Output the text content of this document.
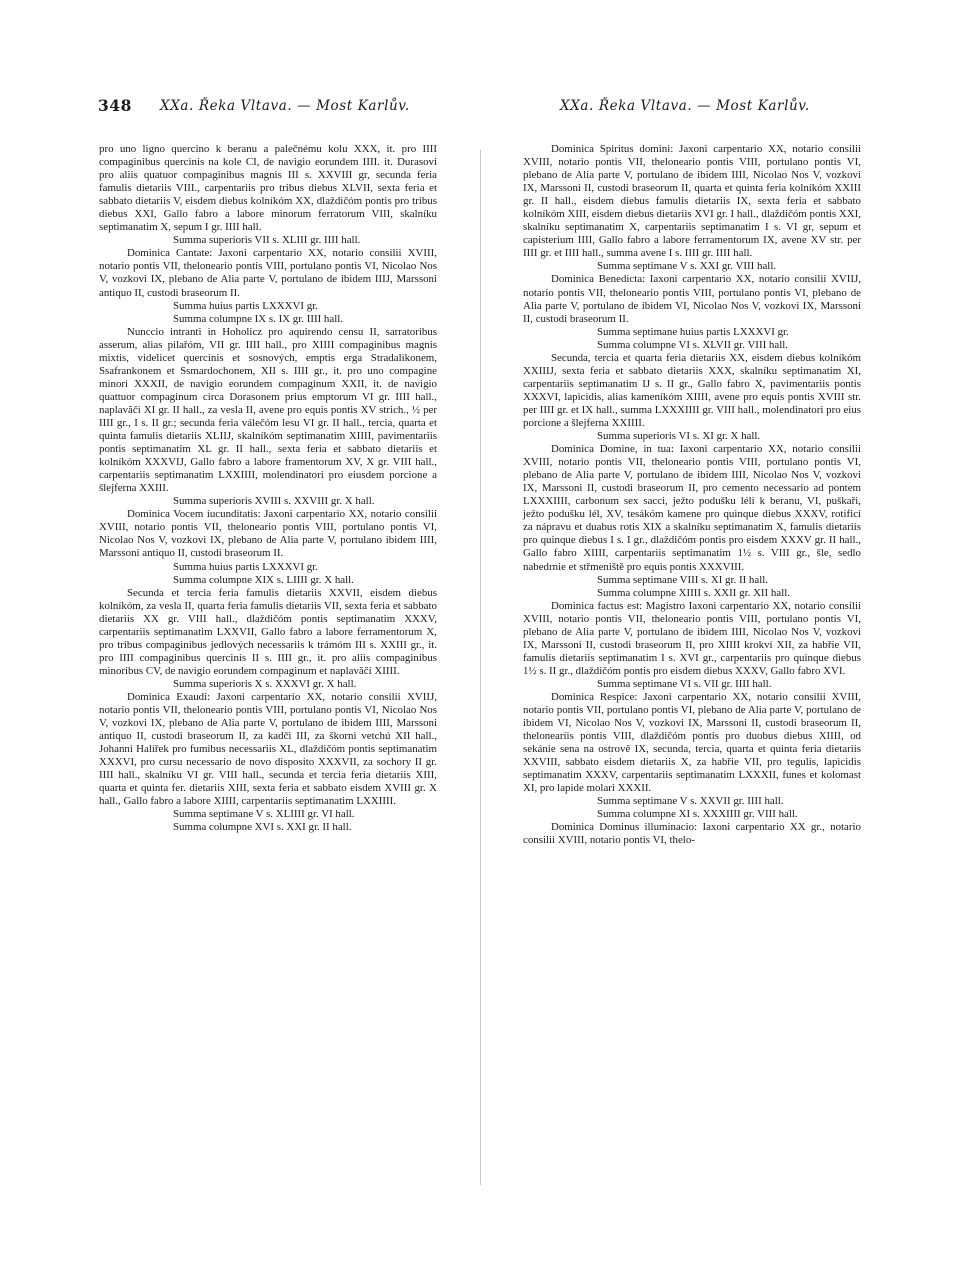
348 XXa. Řeka Vltava. — Most Karlův.	XXa. Řeka Vltava. — Most Karlův.

pro uno ligno quercino k beranu a palečnému kolu XXX, it. pro IIII compaginibus quercinis na kole CI, de navigio eorundem IIII. it. Durasovi pro aliis quatuor compaginibus magnis III s. XXVIII gr, secunda feria famulis dietariis VIII., carpentariis pro tribus diebus XLVII, sexta feria et sabbato dietariis V, eisdem diebus kolníkóm XX, dlaždičóm pontis pro tribus diebus XXI, Gallo fabro a labore minorum ferratorum VIII, skalníku septimanatim X, sepum I gr. IIII hall.

Summa superioris VII s. XLIII gr. IIII hall.

Dominica Cantate: Jaxoni carpentario XX, notario consilii XVIII, notario pontis VII, theloneario pontis VIII, portulano pontis VI, Nicolao Nos V, vozkovi IX, plebano de Alia parte V, portulano de ibidem IIIJ, Marssoni antiquo II, custodi braseorum II.

Summa huius partis LXXXVI gr.

Summa columpne IX s. IX gr. IIII hall.

Nunccio intranti in Hoholicz pro aquirendo censu II, sarratoribus asserum, alias pilařóm, VII gr. IIII hall., pro XIIII compaginibus magnis mixtis, videlicet quercinis et sosnových, emptis erga Stradalikonem, Ssafrankonem et Ssmardochonem, XII s. IIII gr., it. pro uno compagine minori XXXII, de navigio eorundem compaginum XXII, it. de navigio quattuor compaginum circa Dorasonem prius emptorum VI gr. IIII hall., naplavăči XI gr. II hall., za vesla II, avene pro equis pontis XV strich., ½ per IIII gr., I s. II gr.; secunda feria válečóm lesu VI gr. II hall., tercia, quarta et quinta famulis dietariis XLIIJ, skalníkóm septimanatim XIIII, pavimentariis pontis septimanatim XL gr. II hall., sexta feria et sabbato dietariis et kolníkóm XXXVIJ, Gallo fabro a labore framentorum XV, X gr. VIII hall., carpentariis septimanatim LXXIIII, molendinatori pro eiusdem porcione a šlejferna XXIII.

Summa superioris XVIII s. XXVIII gr. X hall.

Dominica Vocem iucunditatis: Jaxoni carpentario XX, notario consilii XVIII, notario pontis VII, theloneario pontis VIII, portulano pontis VI, Nicolao Nos V, vozkovi IX, plebano de Alia parte V, portulano ibidem IIII, Marssoni antiquo II, custodi braseorum II.

Summa huius partis LXXXVI gr.

Summa columpne XIX s. LIIII gr. X hall.

Secunda et tercia feria famulis dietariis XXVII, eisdem diebus kolníkóm, za vesla II, quarta feria famulis dietariis VII, sexta feria et sabbato dietariis XX gr. VIII hall., dlaždičóm pontis septimanatim XXXV, carpentariis septimanatim LXXVII, Gallo fabro a labore ferramentorum X, pro tribus compaginibus jedlových necessariis k trámóm III s. XXIII gr., it. pro IIII compaginibus quercinis II s. IIII gr., it. pro aliis compaginibus minoribus CV, de navigio eorundem compaginum et naplavăči XIIII.

Summa superioris X s. XXXVI gr. X hall.

Dominica Exaudi: Jaxoni carpentario XX, notario consilii XVIIJ, notario pontis VII, theloneario pontis VIII, portulano pontis VI, Nicolao Nos V, vozkovi IX, plebano de Alia parte V, portulano de ibidem IIII, Marssoni antiquo II, custodi braseorum II, za kadči III, za škorni vetchú XII hall., Johanni Halířek pro fumibus necessariis XL, dlaždičóm pontis septimanatim XXXVI, pro cursu necessario de novo disposito XXXVII, za sochory II gr. IIII hall., skalníku VI gr. VIII hall., secunda et tercia feria dietariis XIII, quarta et quinta fer. dietariis XIII, sexta feria et sabbato eisdem XVIII gr. X hall., Gallo fabro a labore XIIII, carpentariis septimanatim LXXIIII.

Summa septimane V s. XLIIII gr. VI hall.

Summa columpne XVI s. XXI gr. II hall.

Dominica Spiritus domini: Jaxoni carpentario XX, notario consilii XVIII, notario pontis VII, theloneario pontis VIII, portulano pontis VI, plebano de Alia parte V, portulano de ibidem IIII, Nicolao Nos V, vozkovi IX, Marssoni II, custodi braseorum II, quarta et quinta feria kolníkóm XXIII gr. II hall., eisdem diebus famulis dietariis IX, sexta feria et sabbato kolníkóm XIII, eisdem diebus dietariis XVI gr. I hall., dlaždičóm pontis XXI, skalníku septimanatim X, carpentariis septimanatim I s. VI gr, sepum et capisterium IIII, Gallo fabro a labore ferramentorum IX, avene XV str. per IIII gr. et IIII hall., summa avene I s. IIII gr. IIII hall.

Summa septimane V s. XXI gr. VIII hall.

Dominica Benedicta: Iaxoni carpentario XX, notario consilii XVIIJ, notario pontis VII, theloneario pontis VIII, portulano pontis VI, plebano de Alia parte V, portulano de ibidem VI, Nicolao Nos V, vozkovi IX, Marssoni II, custodi braseorum II.

Summa septimane huius partis LXXXVI gr.

Summa columpne VI s. XLVII gr. VIII hall.

Secunda, tercia et quarta feria dietariis XX, eisdem diebus kolníkóm XXIIIJ, sexta feria et sabbato dietariis XXX, skalníku septimanatim XI, carpentariis septimanatim IJ s. II gr., Gallo fabro X, pavimentariis pontis XXXVI, lapicidis, alias kameníkóm XIIII, avene pro equis pontis XVIII str. per IIII gr. et IX hall., summa LXXXIIII gr. VIII hall., molendinatori pro eius porcione a šlejferna XXIIII.

Summa superioris VI s. XI gr. X hall.

Dominica Domine, in tua: Iaxoni carpentario XX, notario consilii XVIII, notario pontis VII, theloneario pontis VIII, portulano pontis VI, plebano de Alia parte V, portulano de ibidem IIII, Nicolao Nos V, vozkovi IX, Marssoni II, custodi braseorum II, pro cemento necessario ad pontem LXXXIIII, carbonum sex sacci, ježto podušku léli k beranu, VI, puškaři, ježto podušku lél, XV, tesákóm kamene pro quinque diebus XXXV, rotifici za nápravu et duabus rotis XIX a skalníku septimanatim X, famulis dietariis pro quinque diebus I s. I gr., dlaždičóm pontis pro eisdem XXXV gr. II hall., Gallo fabro XIIII, carpentariis septimanatim 1½ s. VIII gr., šle, sedlo nabedrnie et střmeniště pro equis pontis XXXVIII.

Summa septimane VIII s. XI gr. II hall.

Summa columpne XIIII s. XXII gr. XII hall.

Dominica factus est: Magistro Iaxoni carpentario XX, notario consilii XVIII, notario pontis VII, theloneario pontis VIII, portulano pontis VI, plebano de Alia parte V, portulano de ibidem IIII, Nicolao Nos V, vozkovi IX, Marssoni II, custodi braseorum II, pro XIIII krokví XII, za habřie VII, famulis dietariis septimanatim I s. XVI gr., carpentariis pro quinque diebus 1½ s. II gr., dlaždičóm pontis pro eisdem diebus XXXV, Gallo fabro XVI.

Summa septimane VI s. VII gr. IIII hall.

Dominica Respice: Jaxoni carpentario XX, notario consilii XVIII, notario pontis VII, portulano pontis VI, plebano de Alia parte V, portulano de ibidem VI, Nicolao Nos V, vozkovi IX, Marssoni II, custodi braseorum II, thelonearíis pontis VIII, dlaždičóm pontis pro duobus diebus XIIII, od sekánie sena na ostrově IX, secunda, tercia, quarta et quinta feria dietariis XXVIII, sabbato eisdem dietariis X, za habřie VII, pro tegulis, lapicidis septimanatim XXXV, carpentariis septimanatim LXXXII, funes et kolomast XI, pro lapide molari XXXII.

Summa septimane V s. XXVII gr. IIII hall.

Summa columpne XI s. XXXIIII gr. VIII hall.

Dominica Dominus illuminacio: Iaxoni carpentario XX gr., notario consilii XVIII, notario pontis VI, thelo-
